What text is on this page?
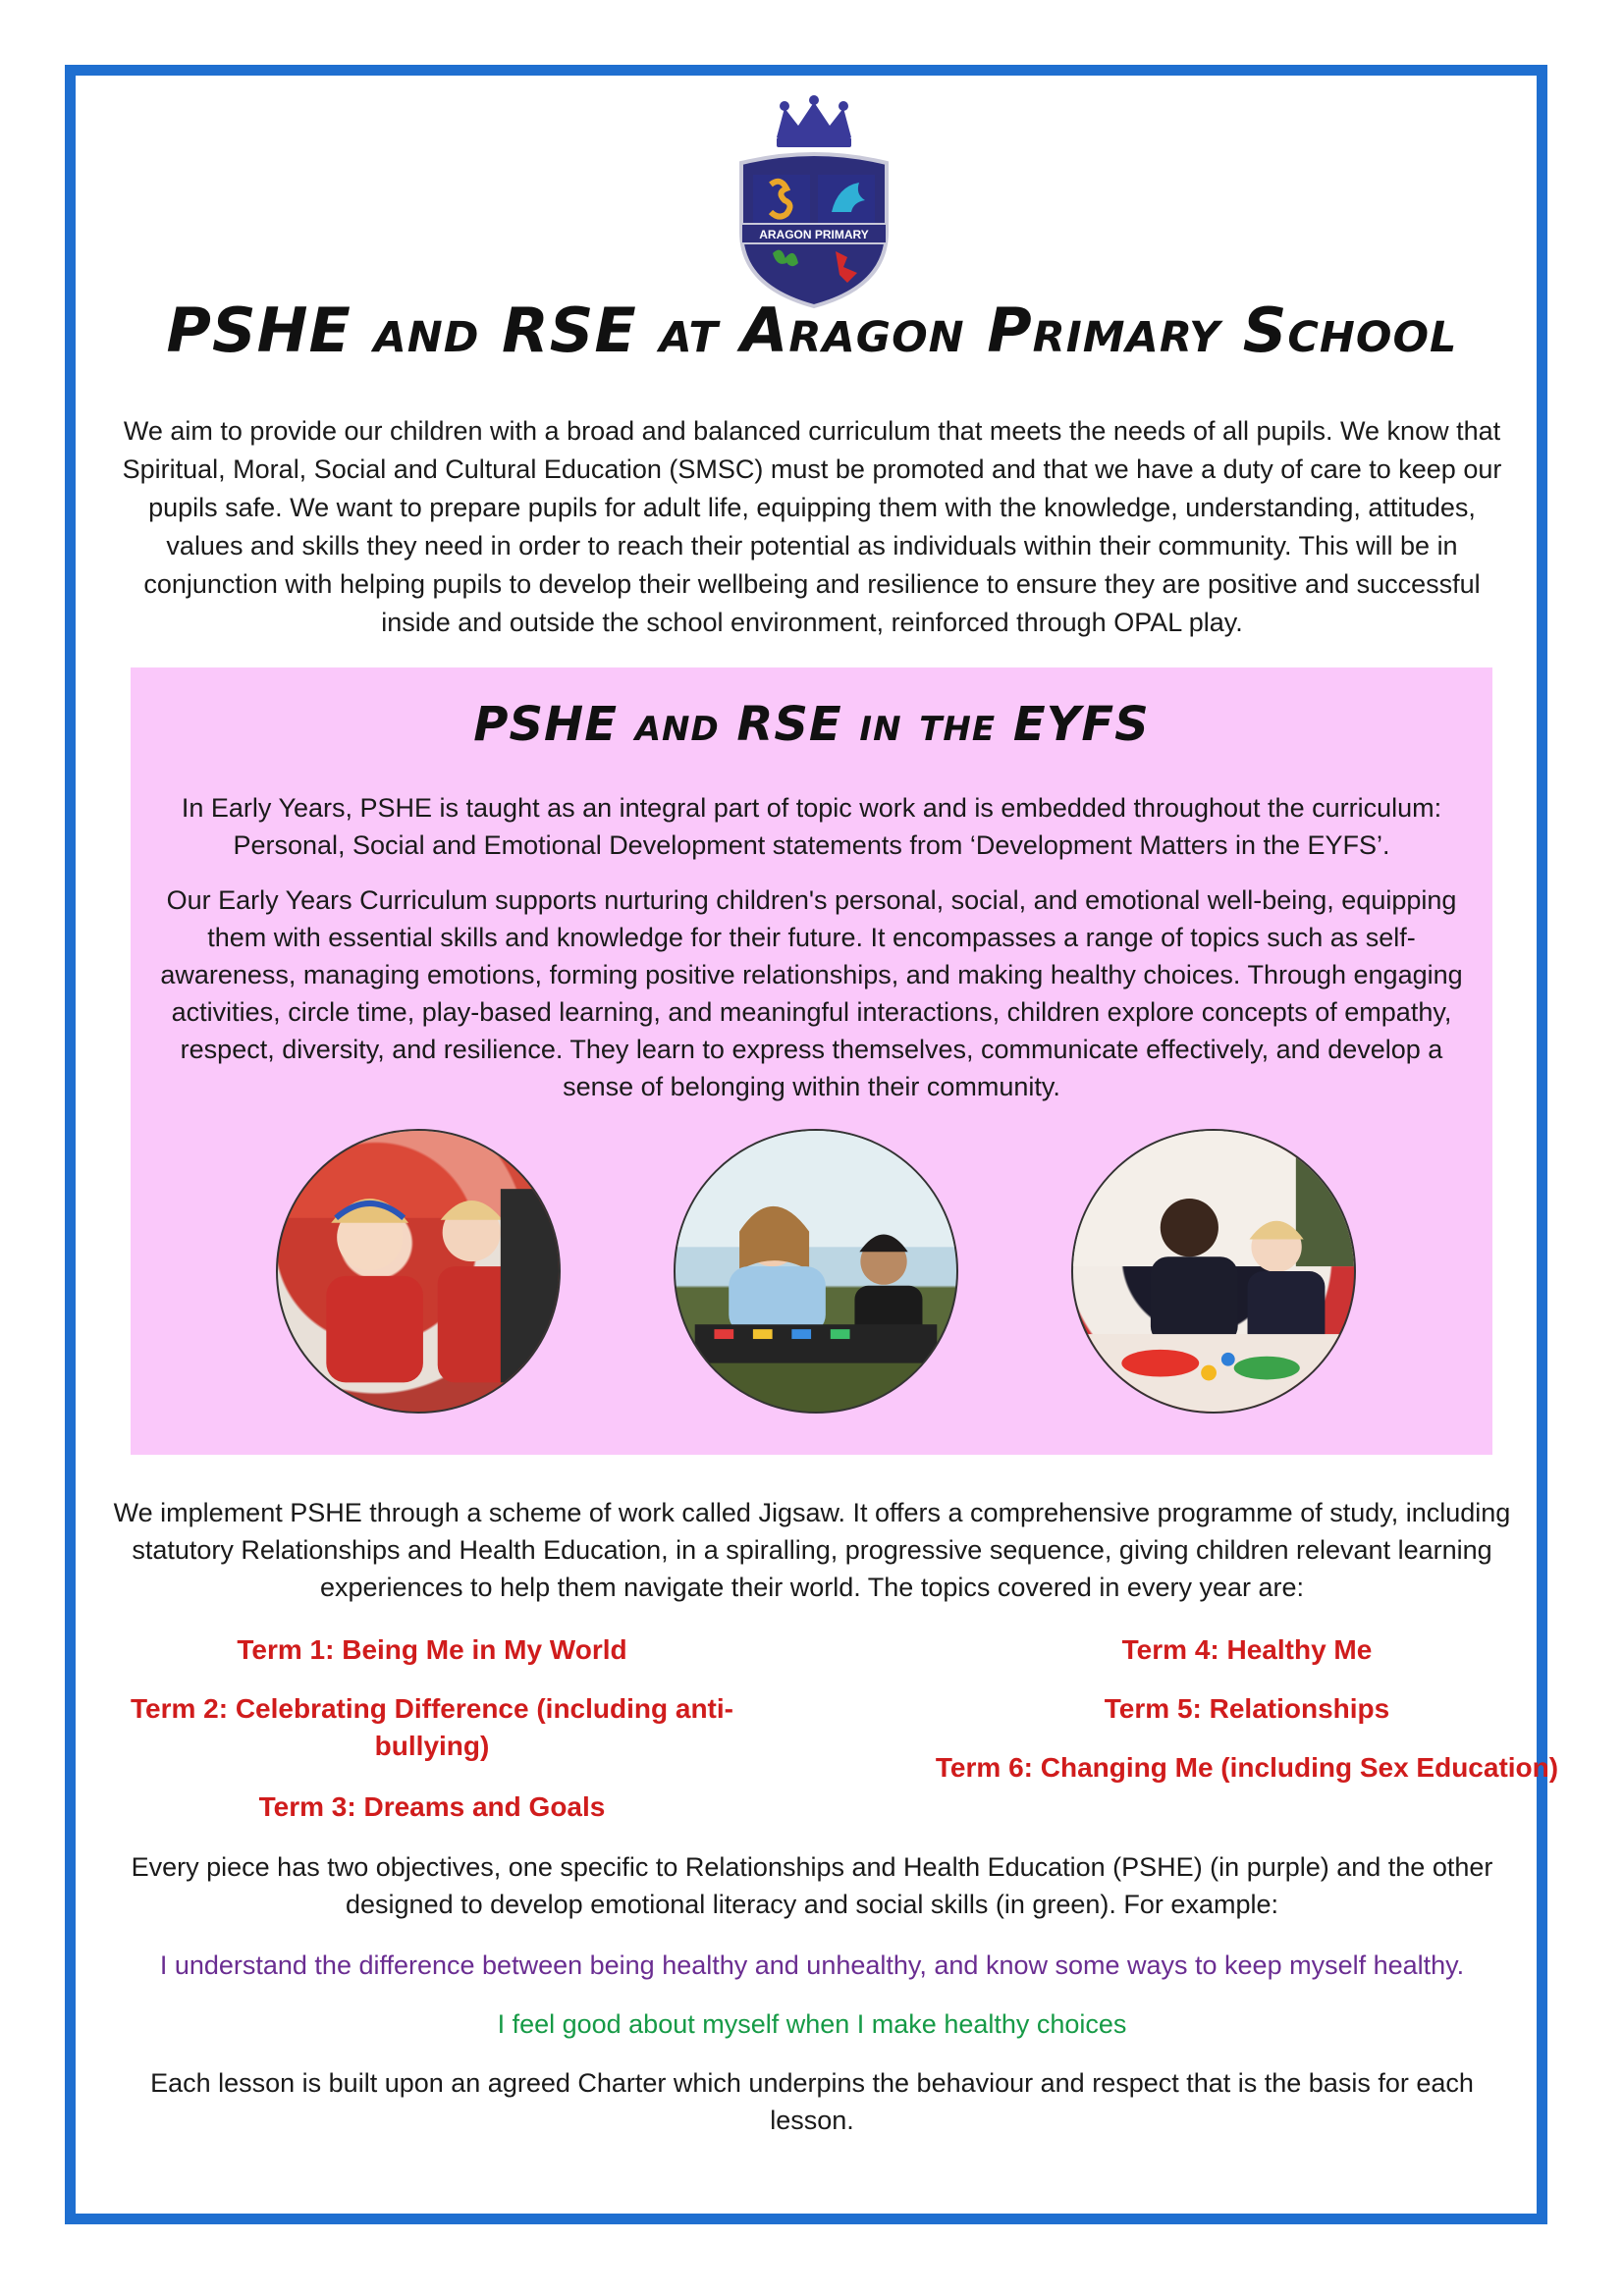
ARAGON PRIMARY
PSHE and RSE at Aragon Primary School

We aim to provide our children with a broad and balanced curriculum that meets the needs of all pupils. We know that Spiritual, Moral, Social and Cultural Education (SMSC) must be promoted and that we have a duty of care to keep our pupils safe. We want to prepare pupils for adult life, equipping them with the knowledge, understanding, attitudes, values and skills they need in order to reach their potential as individuals within their community. This will be in conjunction with helping pupils to develop their wellbeing and resilience to ensure they are positive and successful inside and outside the school environment, reinforced through OPAL play.

PSHE and RSE in the EYFS

In Early Years, PSHE is taught as an integral part of topic work and is embedded throughout the curriculum: Personal, Social and Emotional Development statements from ‘Development Matters in the EYFS’.

Our Early Years Curriculum supports nurturing children's personal, social, and emotional well-being, equipping them with essential skills and knowledge for their future. It encompasses a range of topics such as self-awareness, managing emotions, forming positive relationships, and making healthy choices. Through engaging activities, circle time, play-based learning, and meaningful interactions, children explore concepts of empathy, respect, diversity, and resilience. They learn to express themselves, communicate effectively, and develop a sense of belonging within their community.

We implement PSHE through a scheme of work called Jigsaw. It offers a comprehensive programme of study, including statutory Relationships and Health Education, in a spiralling, progressive sequence, giving children relevant learning experiences to help them navigate their world. The topics covered in every year are:

Term 1: Being Me in My World

Term 2: Celebrating Difference (including anti-bullying)

Term 3: Dreams and Goals

Term 4: Healthy Me

Term 5: Relationships

Term 6: Changing Me (including Sex Education)

Every piece has two objectives, one specific to Relationships and Health Education (PSHE) (in purple) and the other designed to develop emotional literacy and social skills (in green). For example:

I understand the difference between being healthy and unhealthy, and know some ways to keep myself healthy.

I feel good about myself when I make healthy choices

Each lesson is built upon an agreed Charter which underpins the behaviour and respect that is the basis for each lesson.
